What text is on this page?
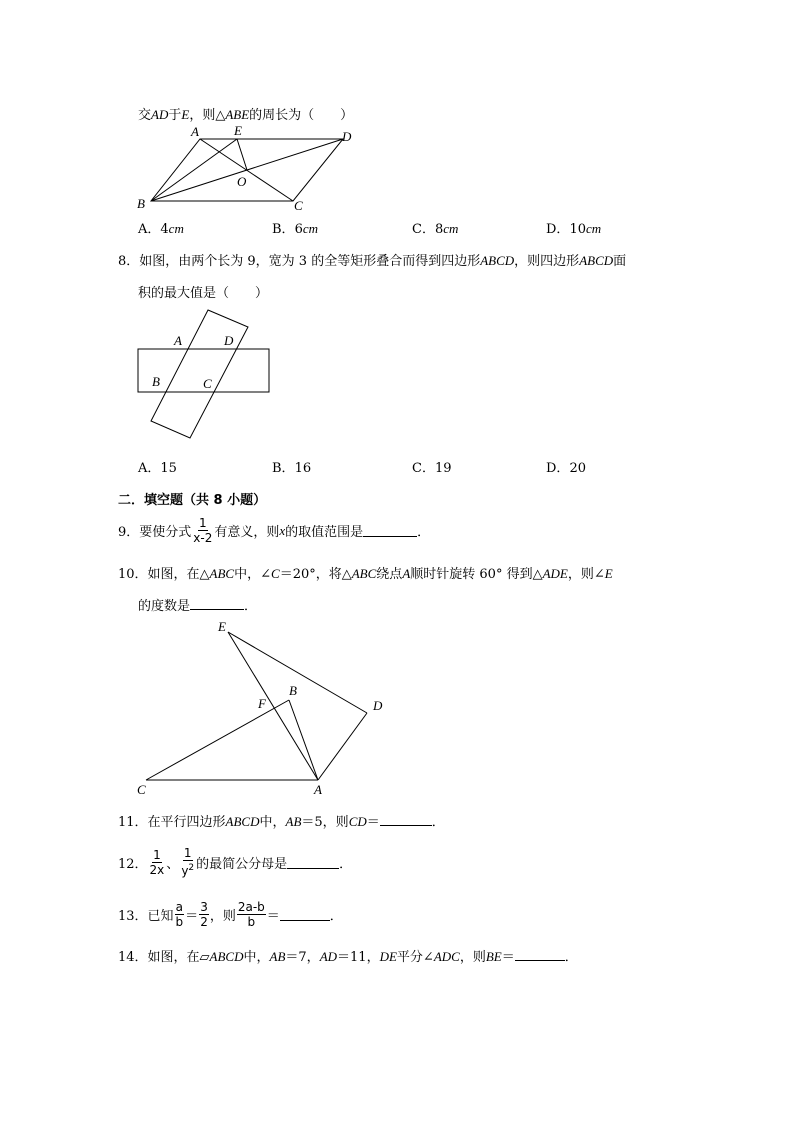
交AD于E，则△ABE的周长为（　　）
A	E	D
O
B	C
A．4cm	B．6cm	C．8cm	D．10cm
8．如图，由两个长为 9，宽为 3 的全等矩形叠合而得到四边形ABCD，则四边形ABCD面
积的最大值是（　　）
A	D
B	C
A．15	B．16	C．19	D．20
二．填空题（共 8 小题）
9．要使分式 $\frac{1}{x-2}$ 有意义，则 x 的取值范围是	．
10．如图，在△ABC中，∠C＝20°，将△ABC绕点A顺时针旋转 60° 得到△ADE，则∠E
的度数是	．
E
F
B
D
C	A
11．在平行四边形ABCD中，AB＝5，则CD＝	．
12． $\frac{1}{2x}$ 、 $\frac{1}{y^2}$ 的最简公分母是	．
13．已知 $\frac{a}{b} = \frac{3}{2}$ ，则 $\frac{2a-b}{b}$ ＝	．
14．如图，在▱ABCD中，AB＝7，AD＝11，DE平分∠ADC，则BE＝	．
